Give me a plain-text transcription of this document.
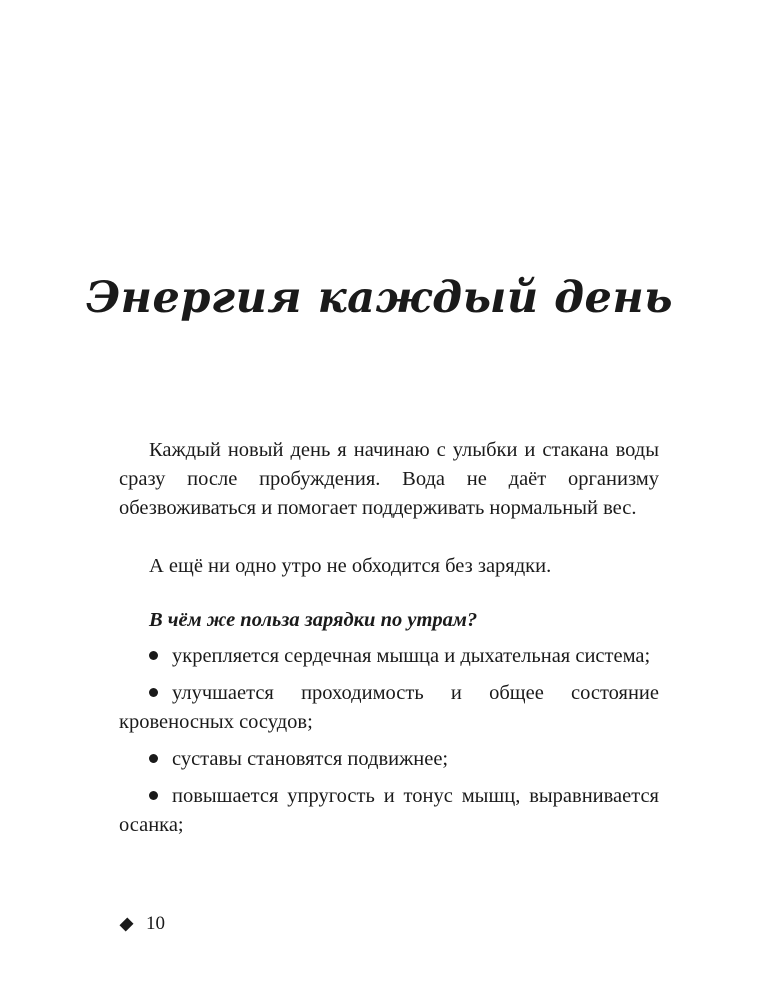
Энергия каждый день

Каждый новый день я начинаю с улыбки и стакана воды сразу после пробуждения. Вода не даёт организму обезвоживаться и помогает поддерживать нормальный вес.

А ещё ни одно утро не обходится без зарядки.

В чём же польза зарядки по утрам?

укрепляется сердечная мышца и дыхательная система;
улучшается проходимость и общее состояние кровеносных сосудов;
суставы становятся подвижнее;
повышается упругость и тонус мышц, выравнивается осанка;
10
